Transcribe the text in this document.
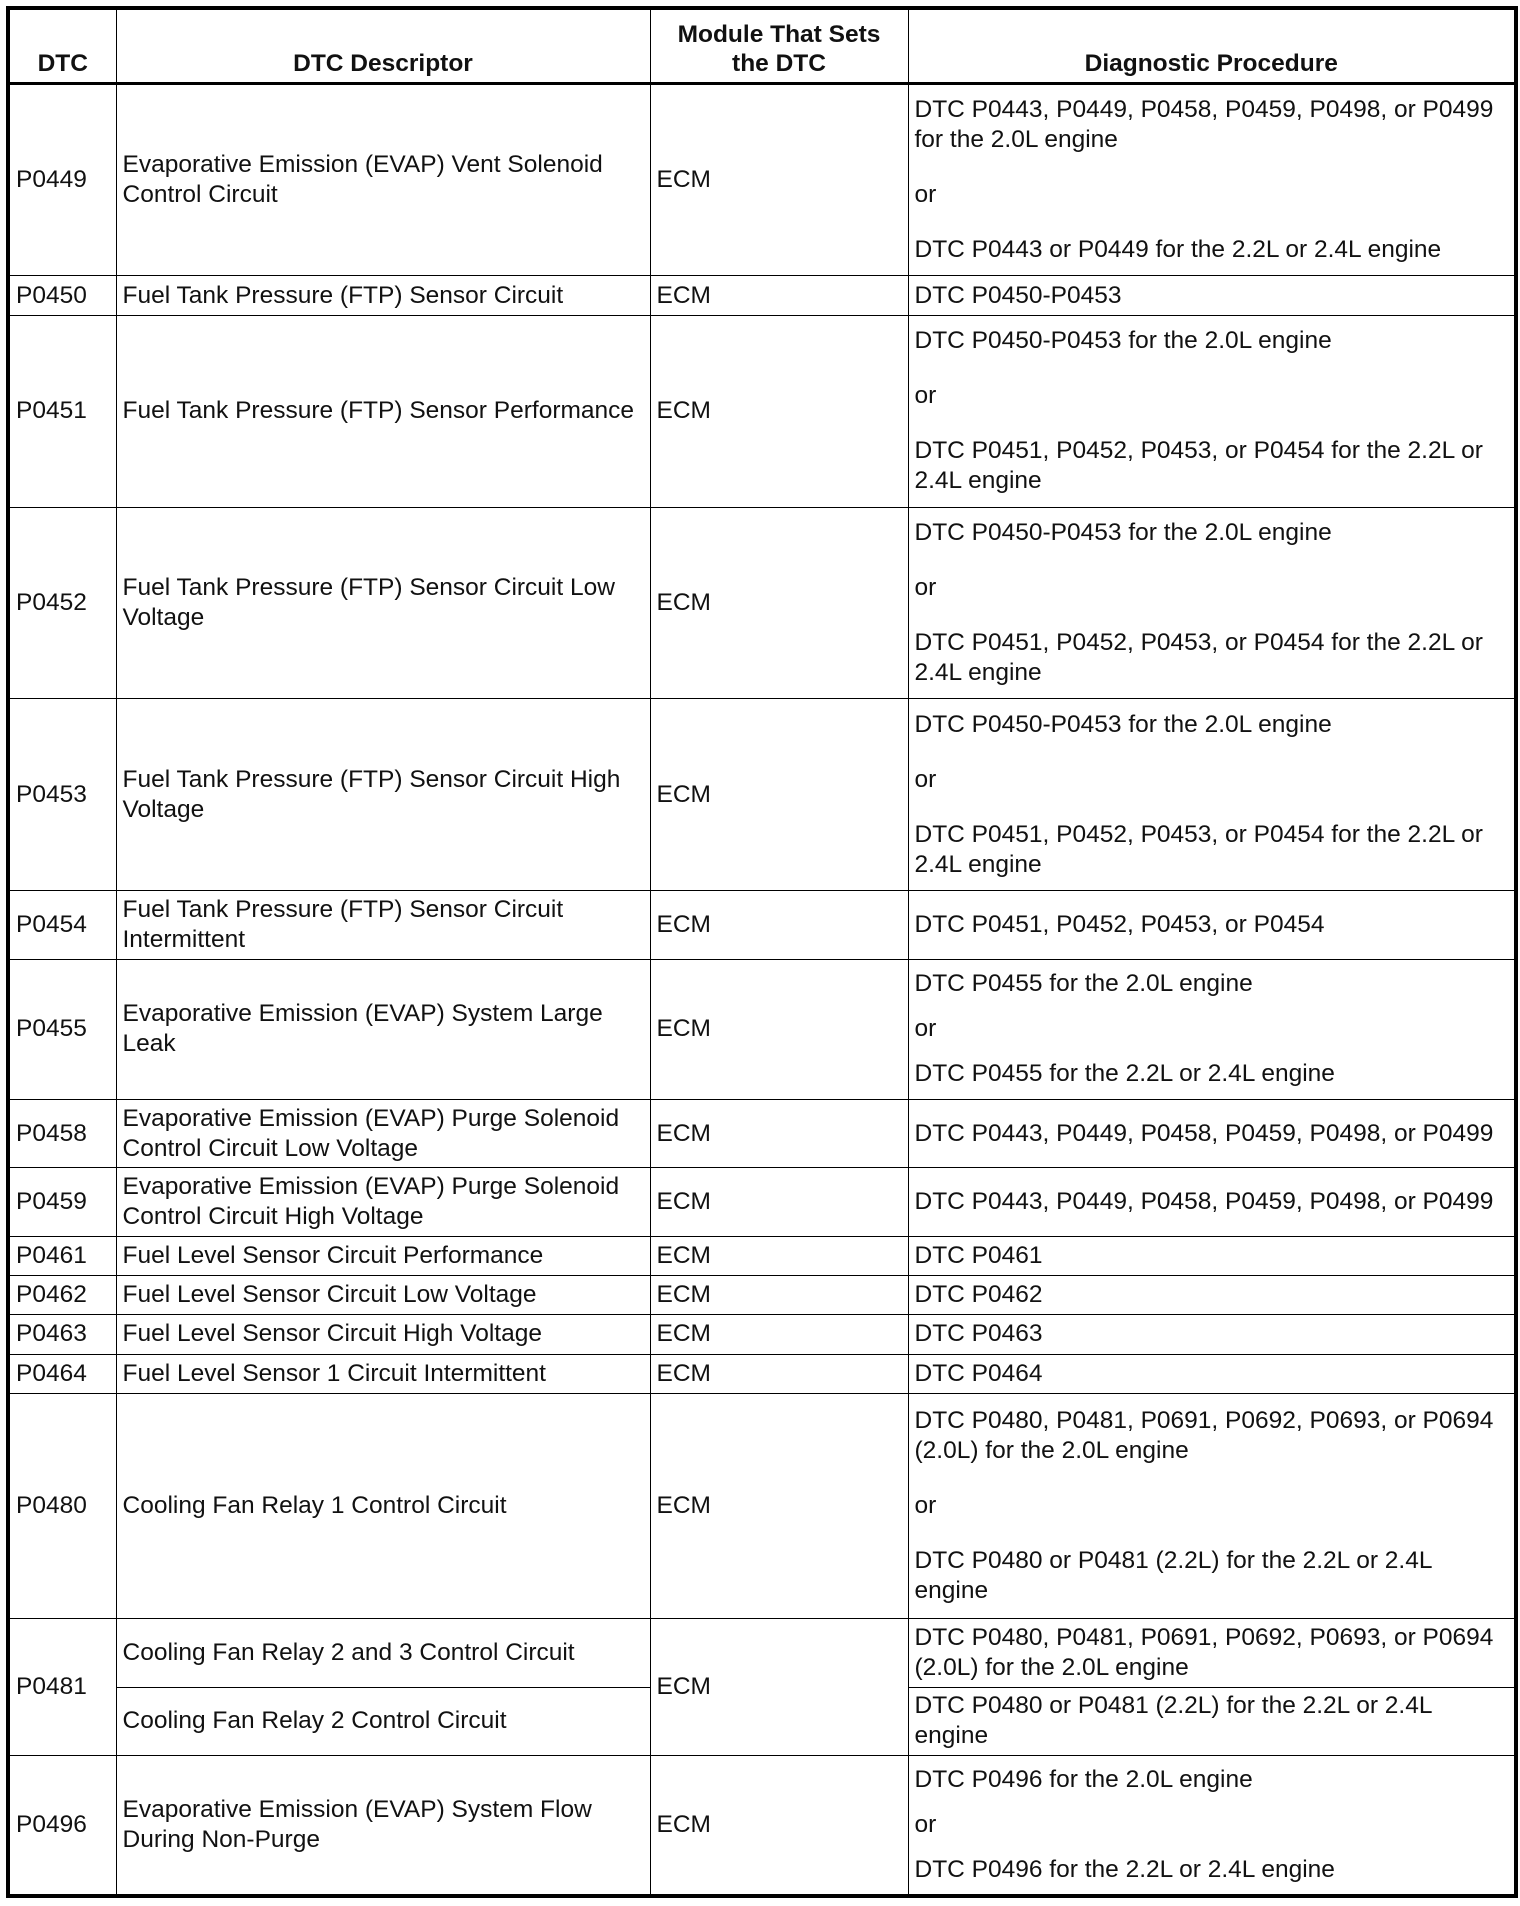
DTC	DTC Descriptor	Module That Sets
the DTC	Diagnostic Procedure
P0449	Evaporative Emission (EVAP) Vent Solenoid Control Circuit	ECM	DTC P0443, P0449, P0458, P0459, P0498, or P0499 for the 2.0L engine
or
DTC P0443 or P0449 for the 2.2L or 2.4L engine

P0450	Fuel Tank Pressure (FTP) Sensor Circuit	ECM	DTC P0450-P0453
P0451	Fuel Tank Pressure (FTP) Sensor Performance	ECM	DTC P0450-P0453 for the 2.0L engine
or
DTC P0451, P0452, P0453, or P0454 for the 2.2L or 2.4L engine

P0452	Fuel Tank Pressure (FTP) Sensor Circuit Low Voltage	ECM	DTC P0450-P0453 for the 2.0L engine
or
DTC P0451, P0452, P0453, or P0454 for the 2.2L or 2.4L engine

P0453	Fuel Tank Pressure (FTP) Sensor Circuit High Voltage	ECM	DTC P0450-P0453 for the 2.0L engine
or
DTC P0451, P0452, P0453, or P0454 for the 2.2L or 2.4L engine

P0454	Fuel Tank Pressure (FTP) Sensor Circuit Intermittent	ECM	DTC P0451, P0452, P0453, or P0454
P0455	Evaporative Emission (EVAP) System Large Leak	ECM	DTC P0455 for the 2.0L engine
or
DTC P0455 for the 2.2L or 2.4L engine

P0458	Evaporative Emission (EVAP) Purge Solenoid Control Circuit Low Voltage	ECM	DTC P0443, P0449, P0458, P0459, P0498, or P0499
P0459	Evaporative Emission (EVAP) Purge Solenoid Control Circuit High Voltage	ECM	DTC P0443, P0449, P0458, P0459, P0498, or P0499
P0461	Fuel Level Sensor Circuit Performance	ECM	DTC P0461
P0462	Fuel Level Sensor Circuit Low Voltage	ECM	DTC P0462
P0463	Fuel Level Sensor Circuit High Voltage	ECM	DTC P0463
P0464	Fuel Level Sensor 1 Circuit Intermittent	ECM	DTC P0464
P0480	Cooling Fan Relay 1 Control Circuit	ECM	DTC P0480, P0481, P0691, P0692, P0693, or P0694 (2.0L) for the 2.0L engine
or
DTC P0480 or P0481 (2.2L) for the 2.2L or 2.4L engine

P0481	Cooling Fan Relay 2 and 3 Control Circuit	ECM	DTC P0480, P0481, P0691, P0692, P0693, or P0694 (2.0L) for the 2.0L engine
	Cooling Fan Relay 2 Control Circuit		DTC P0480 or P0481 (2.2L) for the 2.2L or 2.4L engine
P0496	Evaporative Emission (EVAP) System Flow During Non-Purge	ECM	DTC P0496 for the 2.0L engine
or
DTC P0496 for the 2.2L or 2.4L engine
